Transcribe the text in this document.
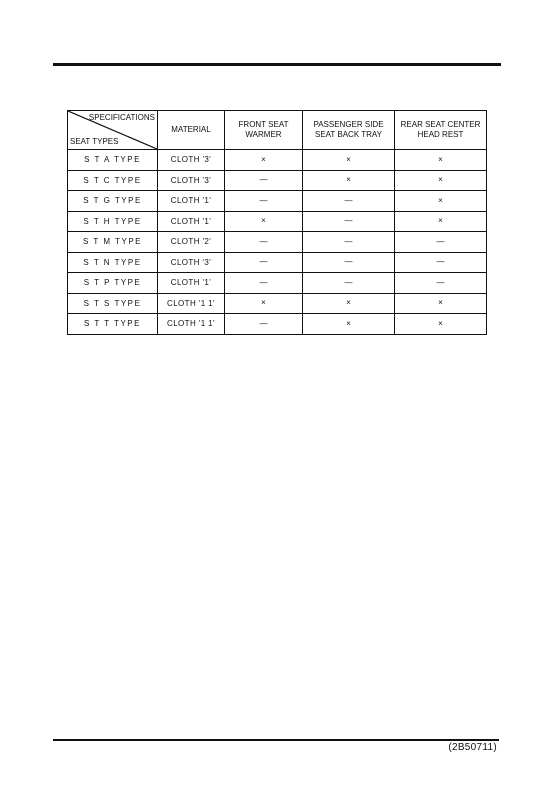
SPECIFICATIONS
SEAT TYPES	MATERIAL	FRONT SEAT WARMER	PASSENGER SIDE SEAT BACK TRAY	REAR SEAT CENTER HEAD REST

S T A TYPE	CLOTH '3'	×	×	×
S T C TYPE	CLOTH '3'	—	×	×
S T G TYPE	CLOTH '1'	—	—	×
S T H TYPE	CLOTH '1'	×	—	×
S T M TYPE	CLOTH '2'	—	—	—
S T N TYPE	CLOTH '3'	—	—	—
S T P TYPE	CLOTH '1'	—	—	—
S T S TYPE	CLOTH '1 1'	×	×	×
S T T TYPE	CLOTH '1 1'	—	×	×
(2B50711)
